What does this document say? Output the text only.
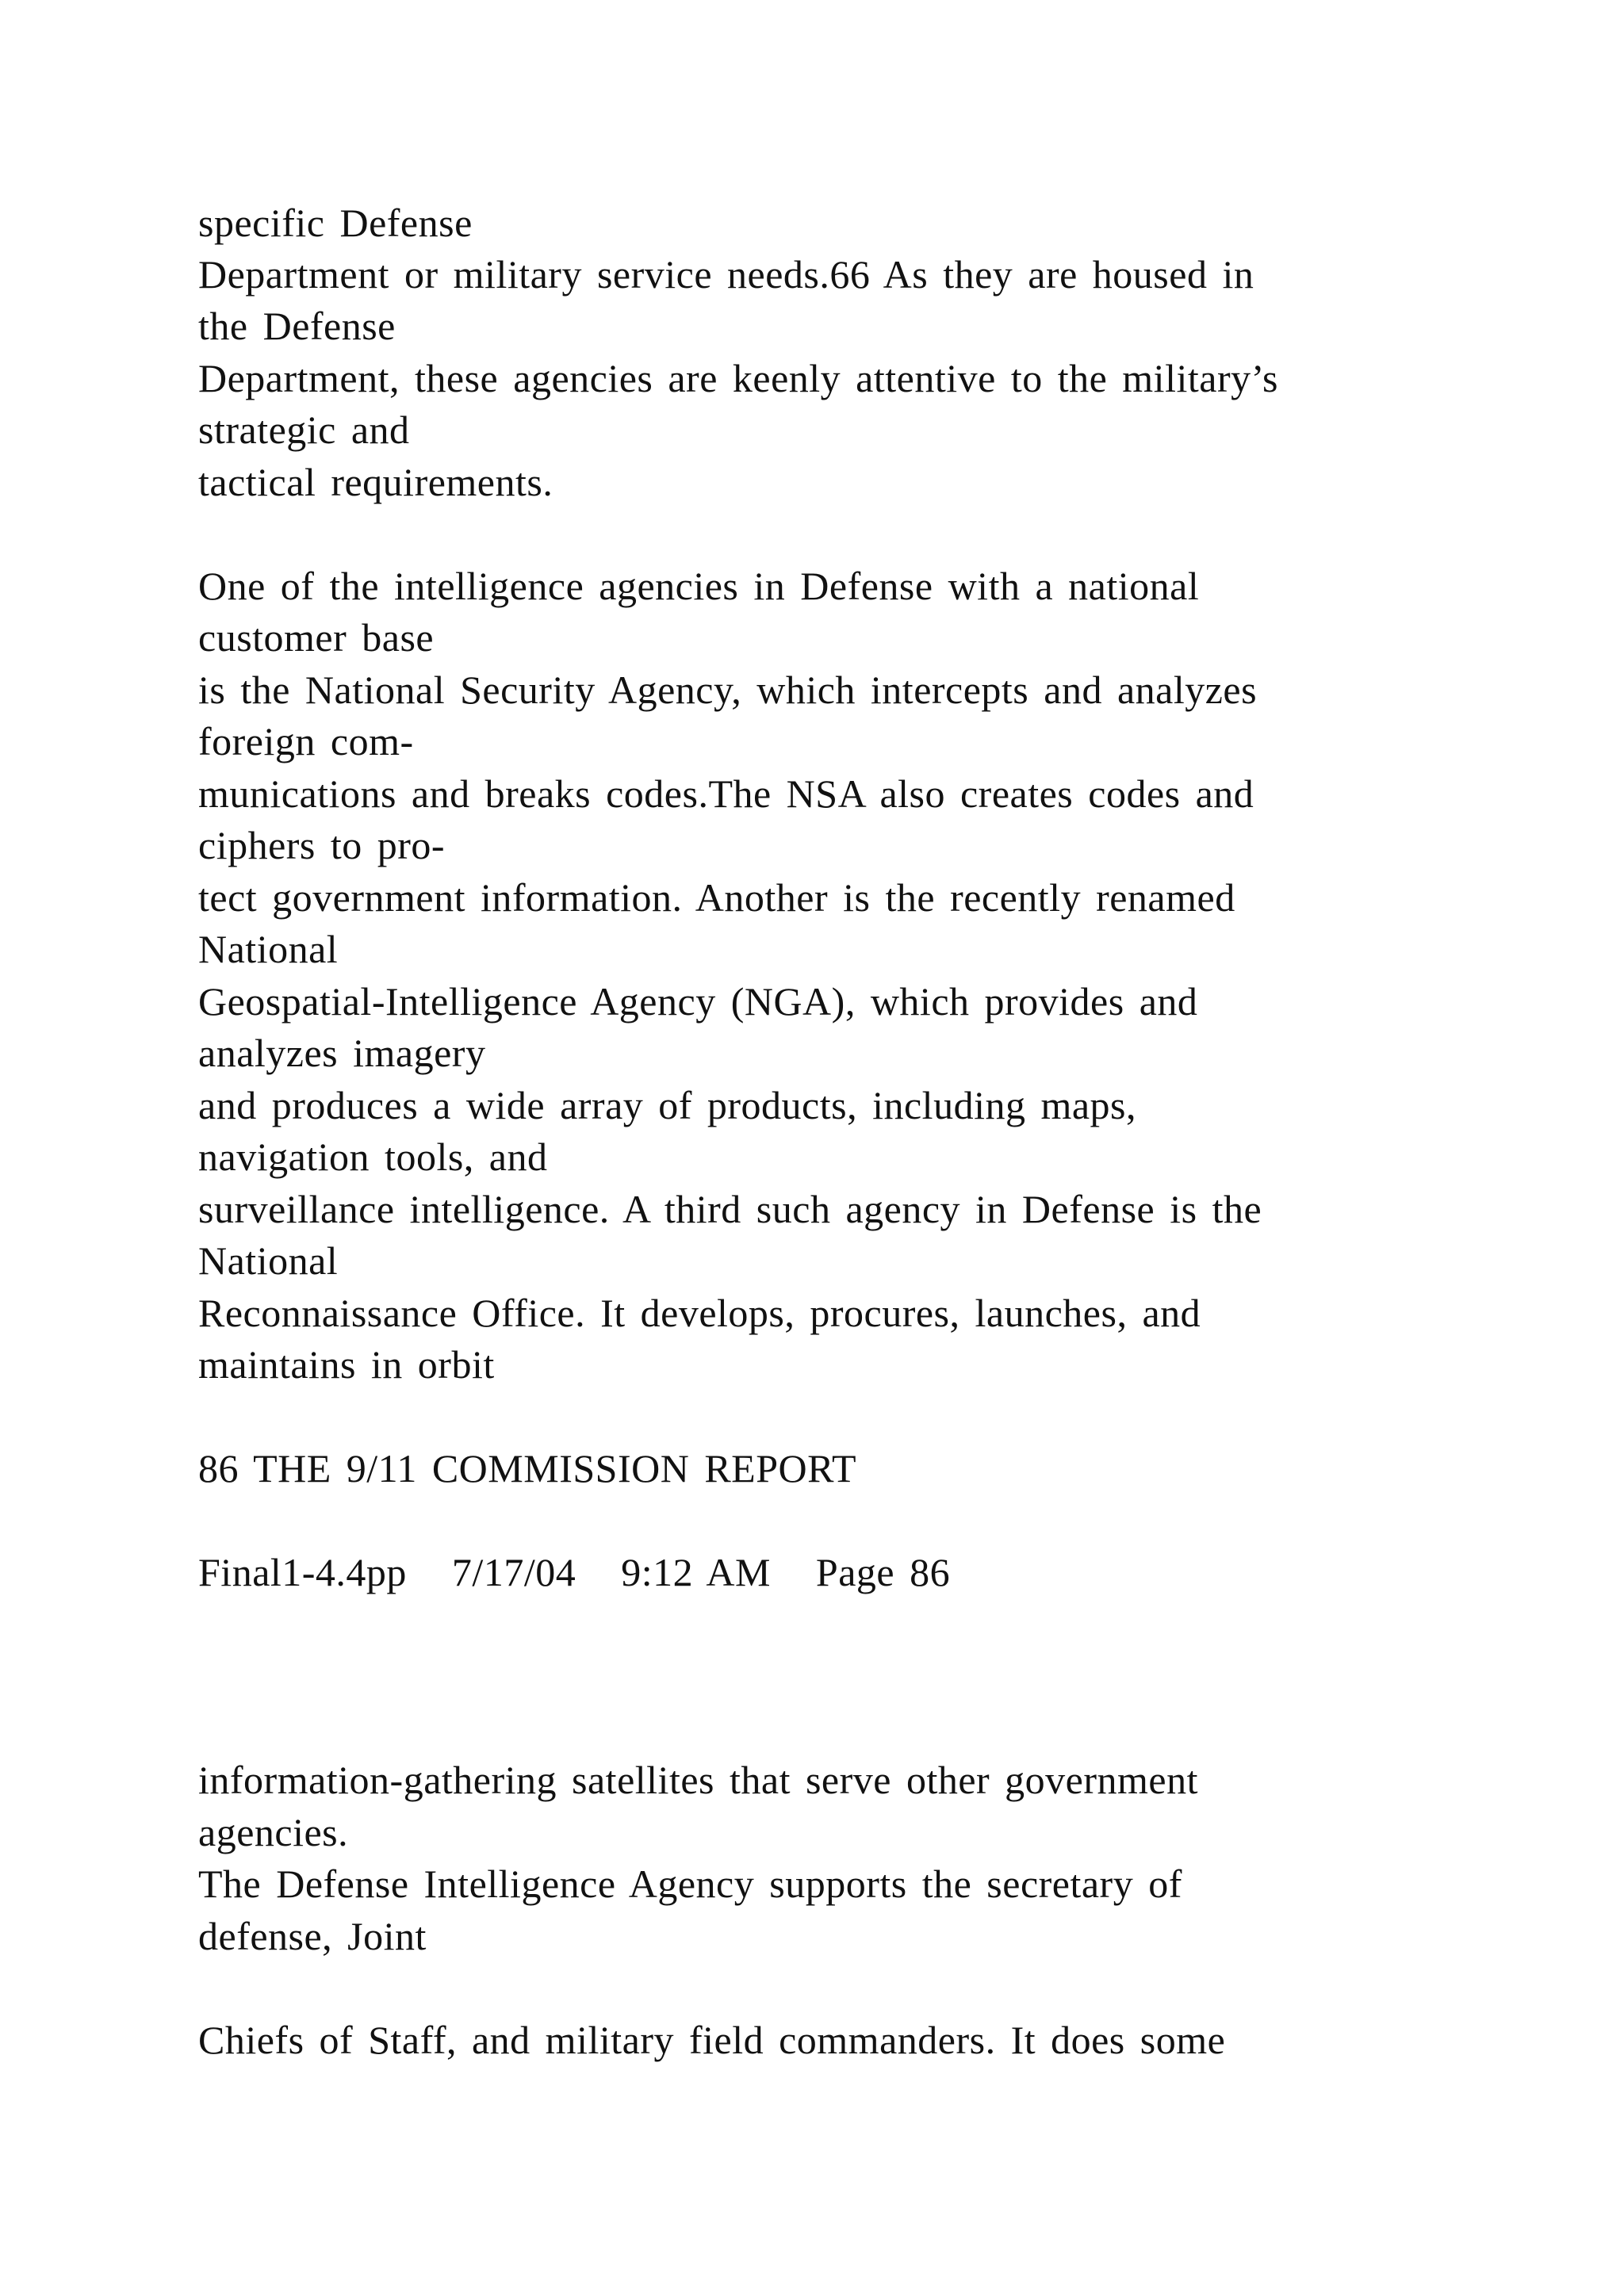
specific Defense

Department or military service needs.66 As they are housed in

the Defense

Department, these agencies are keenly attentive to the military’s

strategic and

tactical requirements.

One of the intelligence agencies in Defense with a national

customer base

is the National Security Agency, which intercepts and analyzes

foreign com-

munications and breaks codes.The NSA also creates codes and

ciphers to pro-

tect government information. Another is the recently renamed

National

Geospatial-Intelligence Agency (NGA), which provides and

analyzes imagery

and produces a wide array of products, including maps,

navigation tools, and

surveillance intelligence. A third such agency in Defense is the

National

Reconnaissance Office. It develops, procures, launches, and

maintains in orbit

86 THE 9/11 COMMISSION REPORT

Final1-4.4pp   7/17/04   9:12 AM   Page 86

information-gathering satellites that serve other government

agencies.

The Defense Intelligence Agency supports the secretary of

defense, Joint

Chiefs of Staff, and military field commanders. It does some
